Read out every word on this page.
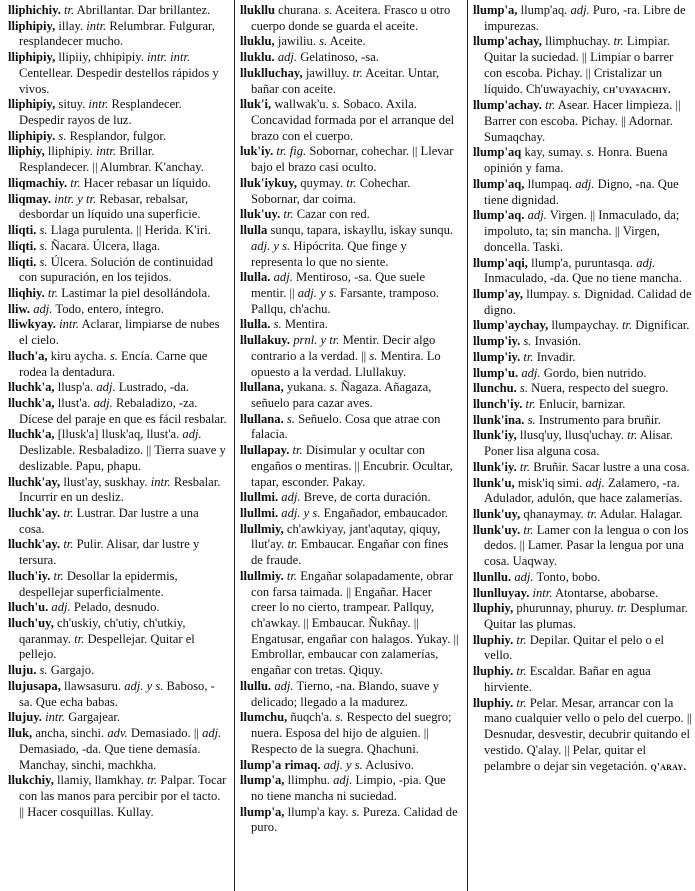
lliphichiy. tr. Abrillantar. Dar brillantez.

lliphipiy, illay. intr. Relumbrar. Fulgurar, resplandecer mucho.

lliphipiy, llipiiy, chhipipiy. intr. intr. Centellear. Despedir destellos rápidos y vivos.

lliphipiy, situy. intr. Resplandecer. Despedir rayos de luz.

lliphipiy. s. Resplandor, fulgor.

lliphiy, lliphipiy. intr. Brillar. Resplandecer. || Alumbrar. K'anchay.

lliqmachiy. tr. Hacer rebasar un líquido.

lliqmay. intr. y tr. Rebasar, rebalsar, desbordar un líquido una superficie.

lliqti. s. Llaga purulenta. || Herida. K'iri.

lliqti. s. Ñacara. Úlcera, llaga.

lliqti. s. Úlcera. Solución de continuidad con supuración, en los tejidos.

lliqhiy. tr. Lastimar la piel desollándola.

lliw. adj. Todo, entero, íntegro.

lliwkyay. intr. Aclarar, limpiarse de nubes el cielo.

lluch'a, kiru aycha. s. Encía. Carne que rodea la dentadura.

lluchk'a, llusp'a. adj. Lustrado, -da.

lluchk'a, llust'a. adj. Rebaladizo, -za. Dícese del paraje en que es fácil resbalar.

lluchk'a, [llusk'a] llusk'aq, llust'a. adj. Deslizable. Resbaladizo. || Tierra suave y deslizable. Papu, phapu.

lluchk'ay, llust'ay, suskhay. intr. Resbalar. Incurrir en un desliz.

lluchk'ay. tr. Lustrar. Dar lustre a una cosa.

lluchk'ay. tr. Pulir. Alisar, dar lustre y tersura.

lluch'iy. tr. Desollar la epidermis, despellejar superficialmente.

lluch'u. adj. Pelado, desnudo.

lluch'uy, ch'uskiy, ch'utiy, ch'utkiy, qaranmay. tr. Despellejar. Quitar el pellejo.

lluju. s. Gargajo.

llujusapa, llawsasuru. adj. y s. Baboso, -sa. Que echa babas.

llujuy. intr. Gargajear.

lluk, ancha, sinchi. adv. Demasiado. || adj. Demasiado, -da. Que tiene demasía. Manchay, sinchi, machkha.

llukchiy, llamiy, llamkhay. tr. Palpar. Tocar con las manos para percibir por el tacto. || Hacer cosquillas. Kullay.

llukllu churana. s. Aceitera. Frasco u otro cuerpo donde se guarda el aceite.

lluklu, jawiliu. s. Aceite.

lluklu. adj. Gelatinoso, -sa.

lluklluchay, jawilluy. tr. Aceitar. Untar, bañar con aceite.

lluk'i, wallwak'u. s. Sobaco. Axila. Concavidad formada por el arranque del brazo con el cuerpo.

luk'iy. tr. fig. Sobornar, cohechar. || Llevar bajo el brazo casi oculto.

lluk'iykuy, quymay. tr. Cohechar. Sobornar, dar coima.

lluk'uy. tr. Cazar con red.

llulla sunqu, tapara, iskayllu, iskay sunqu. adj. y s. Hipócrita. Que finge y representa lo que no siente.

llulla. adj. Mentiroso, -sa. Que suele mentir. || adj. y s. Farsante, tramposo. Pallqu, ch'achu.

llulla. s. Mentira.

llullakuy. prnl. y tr. Mentir. Decir algo contrario a la verdad. || s. Mentira. Lo opuesto a la verdad. Llullakuy.

llullana, yukana. s. Ñagaza. Añagaza, señuelo para cazar aves.

llullana. s. Señuelo. Cosa que atrae con falacia.

llullapay. tr. Disimular y ocultar con engaños o mentiras. || Encubrir. Ocultar, tapar, esconder. Pakay.

llullmi. adj. Breve, de corta duración.

llullmi. adj. y s. Engañador, embaucador.

llullmiy, ch'awkiyay, jant'aqutay, qiquy, llut'ay. tr. Embaucar. Engañar con fines de fraude.

llullmiy. tr. Engañar solapadamente, obrar con farsa taimada. || Engañar. Hacer creer lo no cierto, trampear. Pallquy, ch'awkay. || Embaucar. Ñukñay. || Engatusar, engañar con halagos. Yukay. || Embrollar, embaucar con zalamerías, engañar con tretas. Qiquy.

llullu. adj. Tierno, -na. Blando, suave y delicado; llegado a la madurez.

llumchu, ñuqch'a. s. Respecto del suegro; nuera. Esposa del hijo de alguien. || Respecto de la suegra. Qhachuni.

llump'a rimaq. adj. y s. Aclusivo.

llump'a, llimphu. adj. Limpio, -pia. Que no tiene mancha ni suciedad.

llump'a, llump'a kay. s. Pureza. Calidad de puro.

llump'a, llump'aq. adj. Puro, -ra. Libre de impurezas.

llump'achay, llimphuchay. tr. Limpiar. Quitar la suciedad. || Limpiar o barrer con escoba. Pichay. || Cristalizar un líquido. Ch'uwayachiy, ch'uyayachiy.

llump'achay. tr. Asear. Hacer limpieza. || Barrer con escoba. Pichay. || Adornar. Sumaqchay.

llump'aq kay, sumay. s. Honra. Buena opinión y fama.

llump'aq, llumpaq. adj. Digno, -na. Que tiene dignidad.

llump'aq. adj. Virgen. || Inmaculado, da; impoluto, ta; sin mancha. || Virgen, doncella. Taski.

llump'aqi, llump'a, puruntasqa. adj. Inmaculado, -da. Que no tiene mancha.

llump'ay, llumpay. s. Dignidad. Calidad de digno.

llump'aychay, llumpaychay. tr. Dignificar.

llump'iy. s. Invasión.

llump'iy. tr. Invadir.

llump'u. adj. Gordo, bien nutrido.

llunchu. s. Nuera, respecto del suegro.

llunch'iy. tr. Enlucir, barnizar.

llunk'ina. s. Instrumento para bruñir.

llunk'iy, llusq'uy, llusq'uchay. tr. Alisar. Poner lisa alguna cosa.

llunk'iy. tr. Bruñir. Sacar lustre a una cosa.

llunk'u, misk'iq simi. adj. Zalamero, -ra. Adulador, adulón, que hace zalamerías.

llunk'uy, qhanaymay. tr. Adular. Halagar.

llunk'uy. tr. Lamer con la lengua o con los dedos. || Lamer. Pasar la lengua por una cosa. Uaqway.

llunllu. adj. Tonto, bobo.

llunlluyay. intr. Atontarse, abobarse.

lluphiy, phurunnay, phuruy. tr. Desplumar. Quitar las plumas.

lluphiy. tr. Depilar. Quitar el pelo o el vello.

lluphiy. tr. Escaldar. Bañar en agua hirviente.

lluphiy. tr. Pelar. Mesar, arrancar con la mano cualquier vello o pelo del cuerpo. || Desnudar, desvestir, decubrir quitando el vestido. Q'alay. || Pelar, quitar el pelambre o dejar sin vegetación. q'aray.
